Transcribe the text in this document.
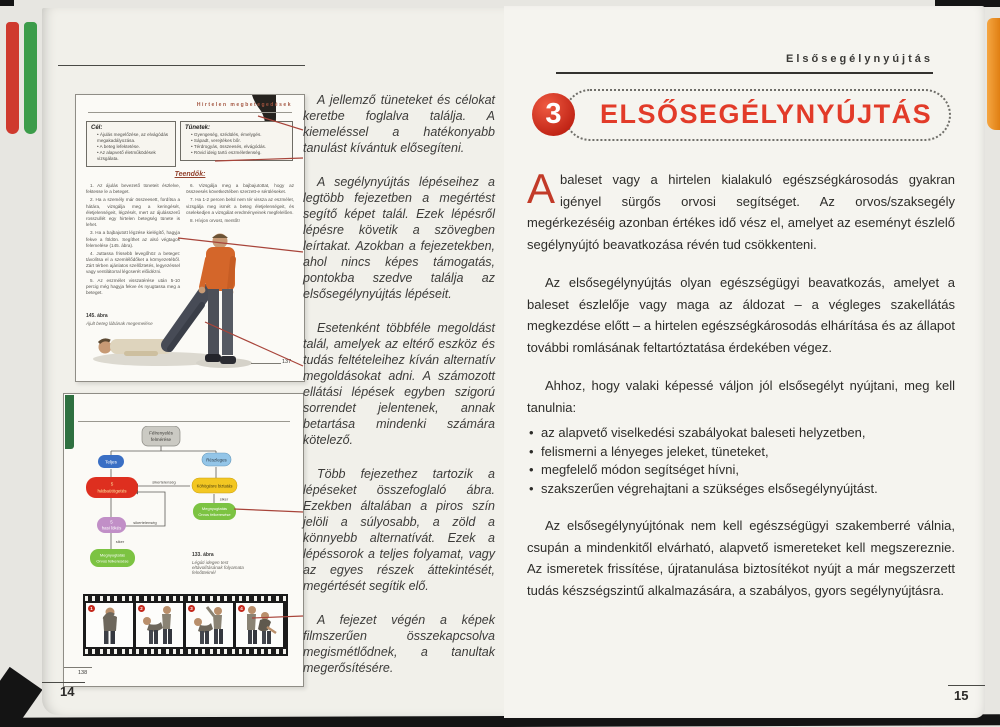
Hirtelen megbetegedések
Cél:
• Ájulás megelőzése, az elvágódás megakadályozása.
• A beteg lefektetése.
• Az alapvető életműködések vizsgálata.
Tünetek:
• Gyengeség, szédülés, émelygés.
• Sápadt, verejtékes bőr.
• Térdrogyás, összeesés, elvágódás.
• Rövid ideig tartó eszméletlenség.
Teendők:

1. Az ájulás bevezető tüneteit észlelve, fektesse le a beteget.

2. Ha a személy már összeesett, fordítsa a hátára, vizsgálja meg a keringését, életjelenségeit, légzését, mert az ájulásszerű rosszullét egy hirtelen betegség tünete is lehet.

3. Ha a bajbajutott légzése kielégítő, hagyja fekve a földön. Segíthet az alsó végtagok felemelése (145. ábra).

4. Juttassa frissebb levegőhöz a beteget: távolítsa el a szemlélődőket a környezetéből. Zárt térben ajánlatos szellőztetés, legyezéssel vagy ventilátorral légcserét előidézni.

5. Az eszmélet visszatérése után 5-10 percig még hagyja fekve és nyugtassa meg a beteget.

6. Vizsgálja meg a bajbajutottat, hogy az összeesés következtében szerzett-e sérüléseket.

7. Ha 1-2 percen belül nem tér vissza az eszmélet, vizsgálja meg ismét a beteg életjelenségeit, és cselekedjen a vizsgálat eredményeinek megfelelően.

8. Hívjon orvost, mentőt!

145. ábra
Ájult beteg lábának megemelése
137
Félrenyelés
felmérése
Teljes	Részleges
5
hátbaütögetés
Köhögésre biztatás
Megnyugtatás
Orvos felkeresése
5
hasi lökés
Megnyugtatás
Orvos felkeresése
sikertelenség
sikertelenség
siker
siker
133. ábra
Légúti idegen test eltávolításának folyamata felnőtteknél
1	2	3	4
138

A jellemző tüneteket és célokat keretbe foglalva találja. A kiemeléssel a hatékonyabb tanulást kívántuk elősegíteni.

A segélynyújtás lépéseihez a legtöbb fejezetben a megértést segítő képet talál. Ezek lépésről lépésre követik a szövegben leírtakat. Azokban a fejezetekben, ahol nincs képes támogatás, pontokba szedve találja az elsősegélynyújtás lépéseit.

Esetenként többféle megoldást talál, amelyek az eltérő eszköz és tudás feltételeihez kíván alternatív megoldásokat adni. A számozott ellátási lépések egyben szigorú sorrendet jelentenek, annak betartása mindenki számára kötelező.

Több fejezethez tartozik a lépéseket összefoglaló ábra. Ezekben általában a piros szín jelöli a súlyosabb, a zöld a könnyebb alternatívát. Ezek a lépéssorok a teljes folyamat, vagy az egyes részek áttekintését, megértését segítik elő.

A fejezet végén a képek filmszerűen összekapcsolva megismétlődnek, a tanultak megerősítésére.

14
Elsősegélynyújtás
3	ELSŐSEGÉLYNYÚJTÁS

Abaleset vagy a hirtelen kialakuló egészségkárosodás gyakran igényel sürgős orvosi segítséget. Az orvos/szaksegély megérkezéséig azonban értékes idő vész el, amelyet az eseményt észlelő segélynyújtó beavatkozása révén tud csökkenteni.

Az elsősegélynyújtás olyan egészségügyi beavatkozás, amelyet a baleset észlelője vagy maga az áldozat – a végleges szakellátás megkezdése előtt – a hirtelen egészségkárosodás elhárítása és az állapot további romlásának feltartóztatása érdekében végez.

Ahhoz, hogy valaki képessé váljon jól elsősegélyt nyújtani, meg kell tanulnia:

• az alapvető viselkedési szabályokat baleseti helyzetben,
• felismerni a lényeges jeleket, tüneteket,
• megfelelő módon segítséget hívni,
• szakszerűen végrehajtani a szükséges elsősegélynyújtást.

Az elsősegélynyújtónak nem kell egészségügyi szakemberré válnia, csupán a mindenkitől elvárható, alapvető ismereteket kell megszereznie. Az ismeretek frissítése, újratanulása biztosítékot nyújt a már megszerzett tudás készségszintű alkalmazására, a szabályos, gyors segélynyújtásra.

15
